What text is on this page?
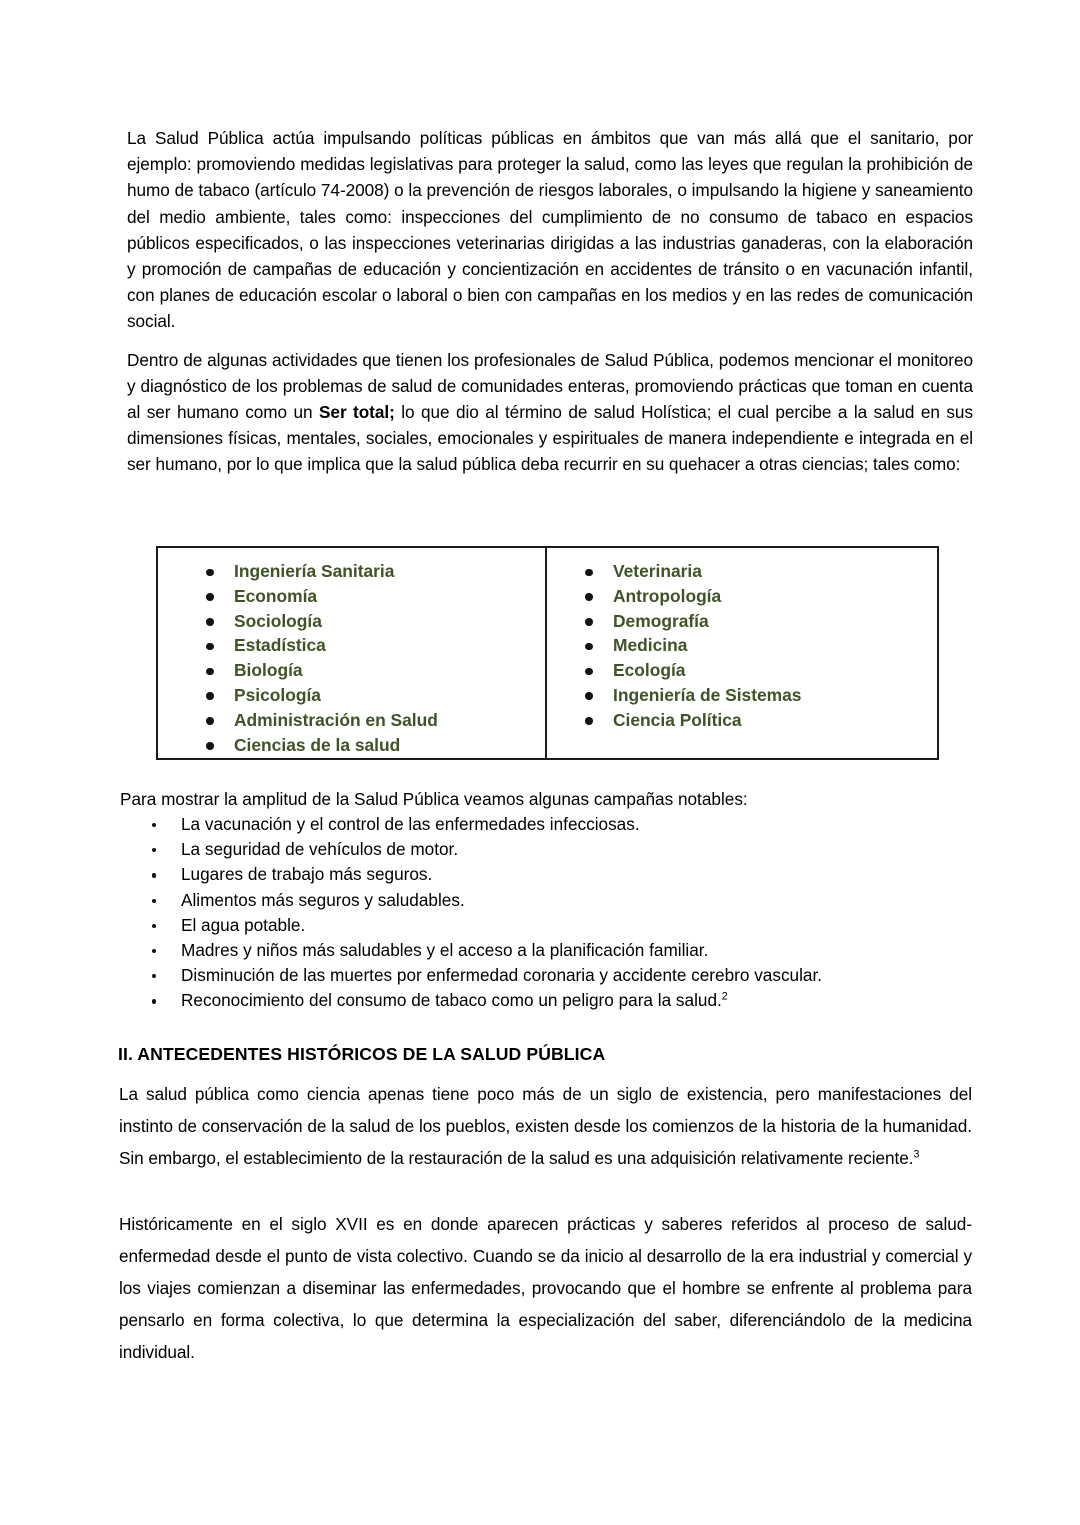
La Salud Pública actúa impulsando políticas públicas en ámbitos que van más allá que el sanitario, por ejemplo: promoviendo medidas legislativas para proteger la salud, como las leyes que regulan la prohibición de humo de tabaco (artículo 74-2008) o la prevención de riesgos laborales, o impulsando la higiene y saneamiento del medio ambiente, tales como: inspecciones del cumplimiento de no consumo de tabaco en espacios públicos especificados, o las inspecciones veterinarias dirigidas a las industrias ganaderas, con la elaboración y promoción de campañas de educación y concientización en accidentes de tránsito o en vacunación infantil, con planes de educación escolar o laboral o bien con campañas en los medios y en las redes de comunicación social.

Dentro de algunas actividades que tienen los profesionales de Salud Pública, podemos mencionar el monitoreo y diagnóstico de los problemas de salud de comunidades enteras, promoviendo prácticas que toman en cuenta al ser humano como un Ser total; lo que dio al término de salud Holística; el cual percibe a la salud en sus dimensiones físicas, mentales, sociales, emocionales y espirituales de manera independiente e integrada en el ser humano, por lo que implica que la salud pública deba recurrir en su quehacer a otras ciencias; tales como:

Ingeniería Sanitaria
Economía
Sociología
Estadística
Biología
Psicología
Administración en Salud
Ciencias de la salud

Veterinaria
Antropología
Demografía
Medicina
Ecología
Ingeniería de Sistemas
Ciencia Política

Para mostrar la amplitud de la Salud Pública veamos algunas campañas notables:

La vacunación y el control de las enfermedades infecciosas.
La seguridad de vehículos de motor.
Lugares de trabajo más seguros.
Alimentos más seguros y saludables.
El agua potable.
Madres y niños más saludables y el acceso a la planificación familiar.
Disminución de las muertes por enfermedad coronaria y accidente cerebro vascular.
Reconocimiento del consumo de tabaco como un peligro para la salud.$^2$
II. ANTECEDENTES HISTÓRICOS DE LA SALUD PÚBLICA

La salud pública como ciencia apenas tiene poco más de un siglo de existencia, pero manifestaciones del instinto de conservación de la salud de los pueblos, existen desde los comienzos de la historia de la humanidad. Sin embargo, el establecimiento de la restauración de la salud es una adquisición relativamente reciente.$^3$

Históricamente en el siglo XVII es en donde aparecen prácticas y saberes referidos al proceso de salud-enfermedad desde el punto de vista colectivo. Cuando se da inicio al desarrollo de la era industrial y comercial y los viajes comienzan a diseminar las enfermedades, provocando que el hombre se enfrente al problema para pensarlo en forma colectiva, lo que determina la especialización del saber, diferenciándolo de la medicina individual.
